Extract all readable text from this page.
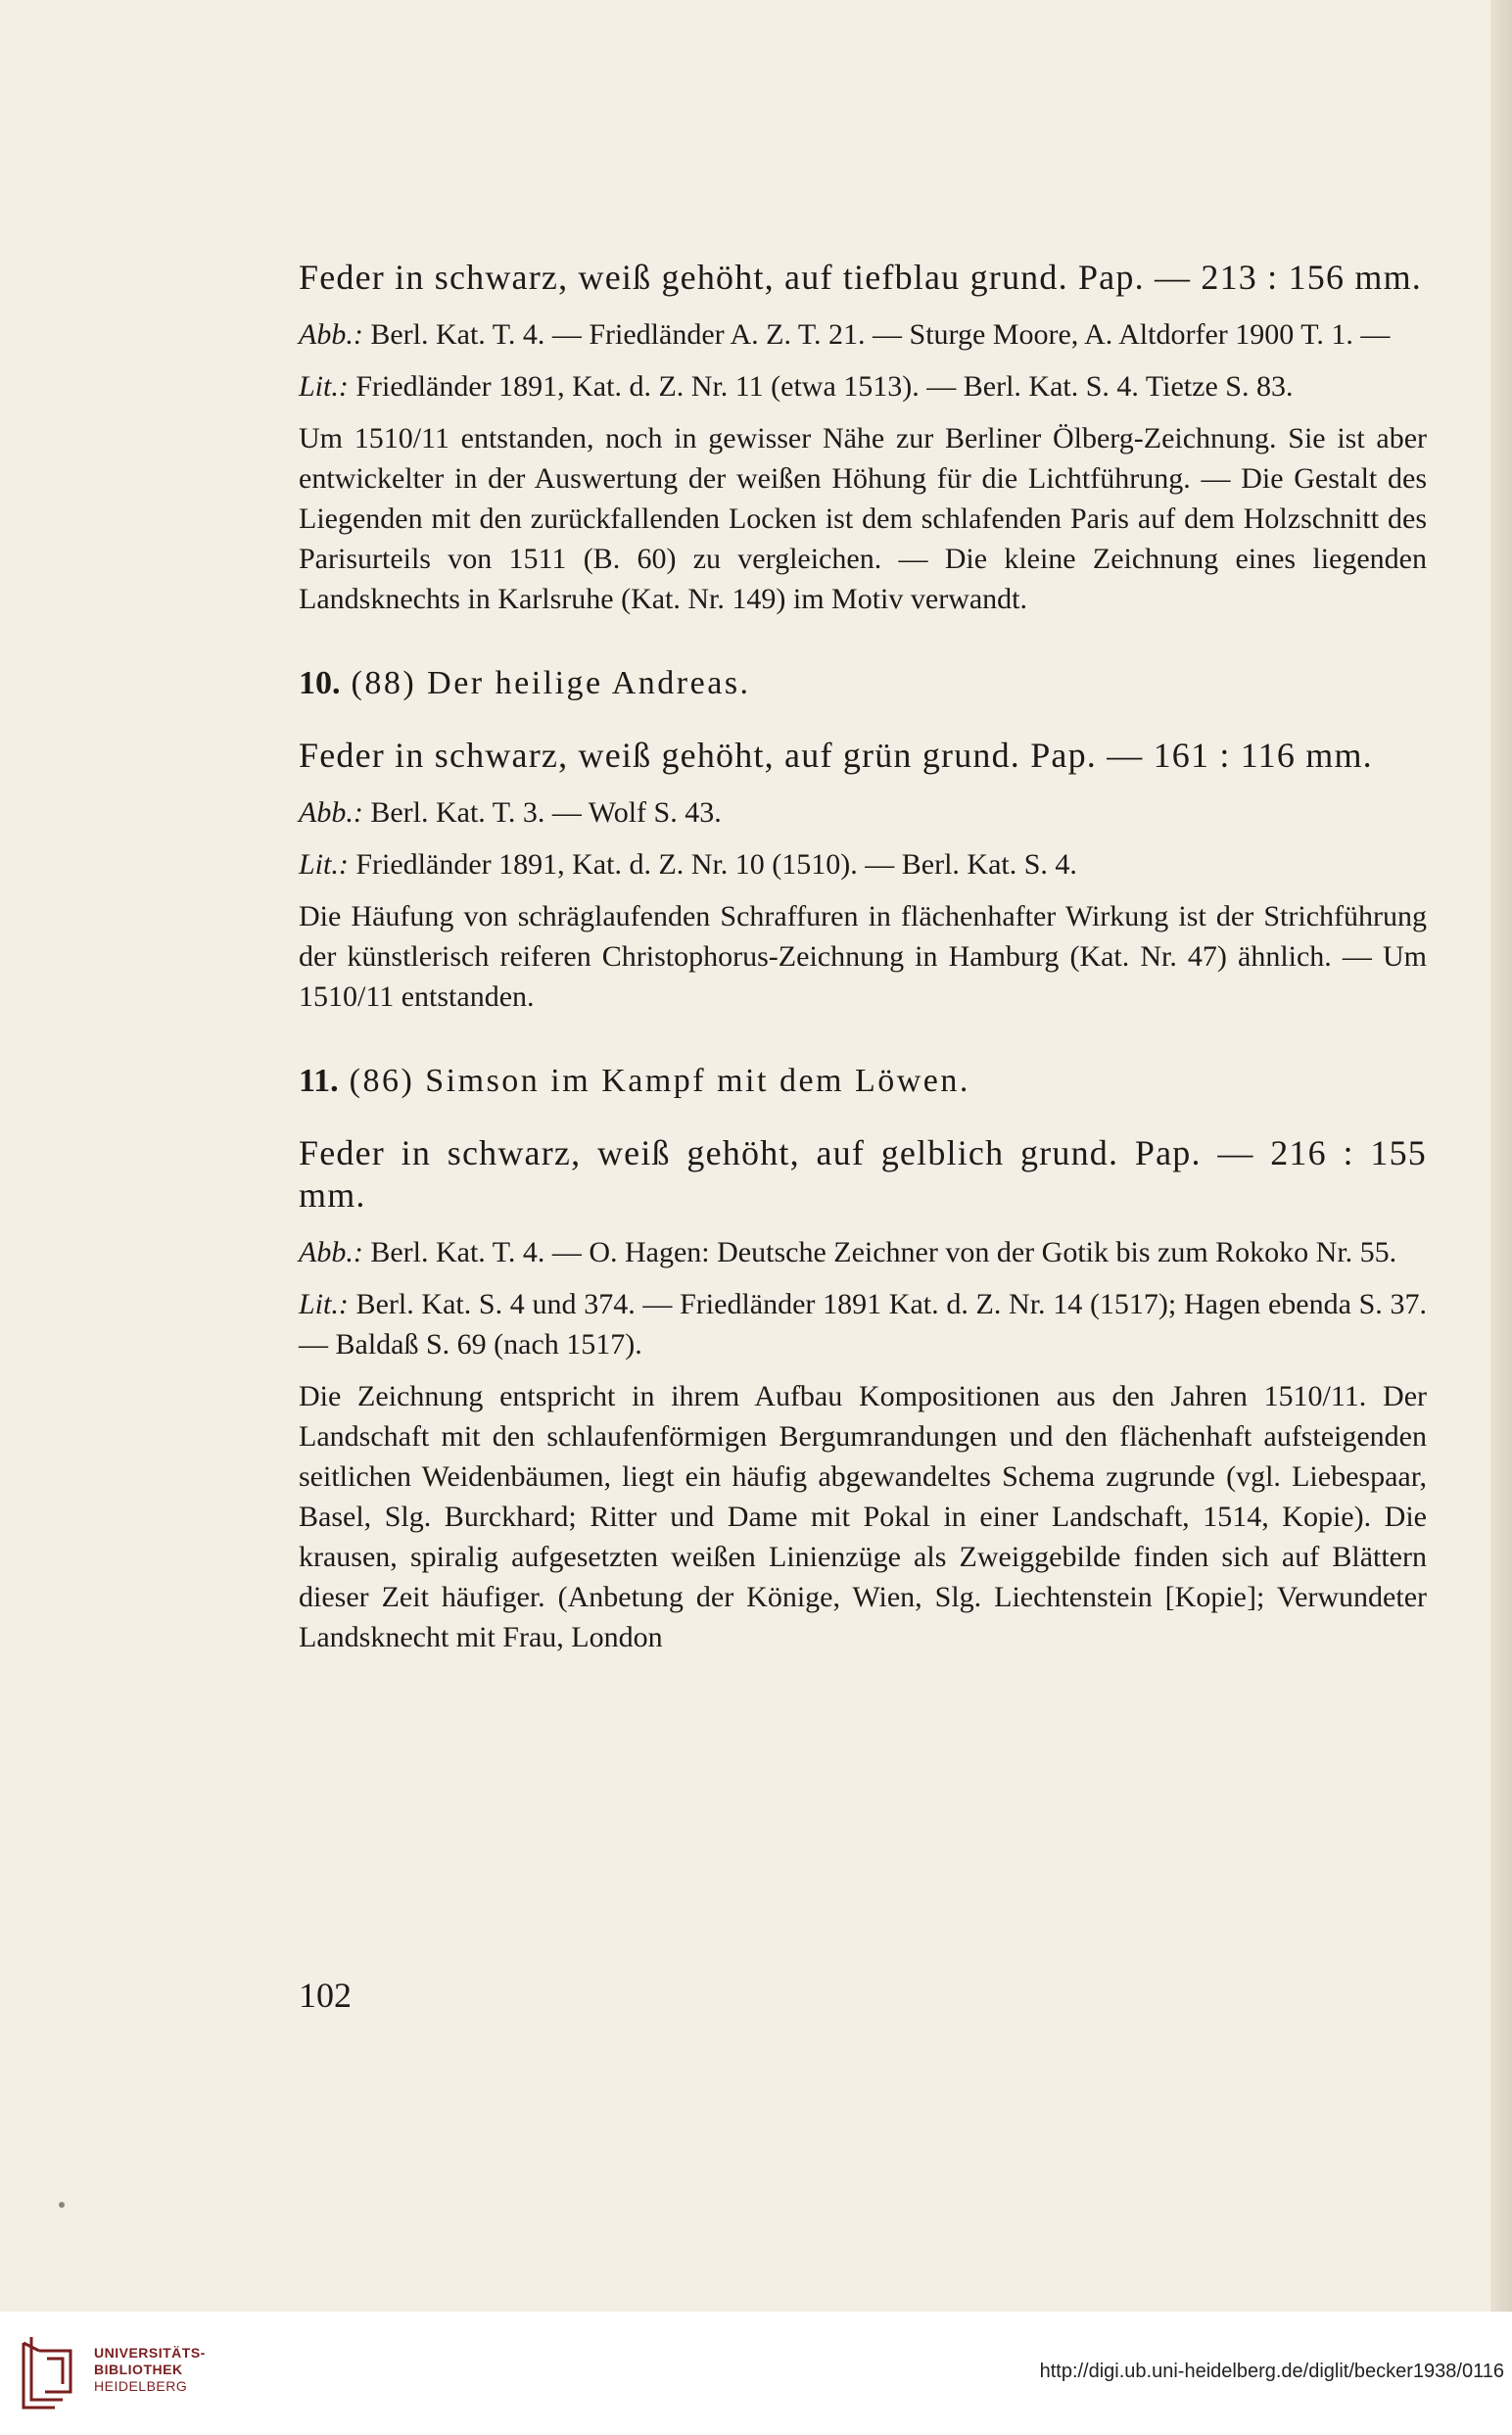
Feder in schwarz, weiß gehöht, auf tiefblau grund. Pap. — 213 : 156 mm.

Abb.: Berl. Kat. T. 4. — Friedländer A. Z. T. 21. — Sturge Moore, A. Altdorfer 1900 T. 1. —

Lit.: Friedländer 1891, Kat. d. Z. Nr. 11 (etwa 1513). — Berl. Kat. S. 4. Tietze S. 83.

Um 1510/11 entstanden, noch in gewisser Nähe zur Berliner Ölberg-Zeichnung. Sie ist aber entwickelter in der Auswertung der weißen Höhung für die Lichtführung. — Die Gestalt des Liegenden mit den zurückfallenden Locken ist dem schlafenden Paris auf dem Holzschnitt des Parisurteils von 1511 (B. 60) zu vergleichen. — Die kleine Zeichnung eines liegenden Landsknechts in Karlsruhe (Kat. Nr. 149) im Motiv verwandt.

10. (88) Der heilige Andreas.

Feder in schwarz, weiß gehöht, auf grün grund. Pap. — 161 : 116 mm.

Abb.: Berl. Kat. T. 3. — Wolf S. 43.

Lit.: Friedländer 1891, Kat. d. Z. Nr. 10 (1510). — Berl. Kat. S. 4.

Die Häufung von schräglaufenden Schraffuren in flächenhafter Wirkung ist der Strichführung der künstlerisch reiferen Christophorus-Zeichnung in Hamburg (Kat. Nr. 47) ähnlich. — Um 1510/11 entstanden.

11. (86) Simson im Kampf mit dem Löwen.

Feder in schwarz, weiß gehöht, auf gelblich grund. Pap. — 216 : 155 mm.

Abb.: Berl. Kat. T. 4. — O. Hagen: Deutsche Zeichner von der Gotik bis zum Rokoko Nr. 55.

Lit.: Berl. Kat. S. 4 und 374. — Friedländer 1891 Kat. d. Z. Nr. 14 (1517); Hagen ebenda S. 37. — Baldaß S. 69 (nach 1517).

Die Zeichnung entspricht in ihrem Aufbau Kompositionen aus den Jahren 1510/11. Der Landschaft mit den schlaufenförmigen Bergumrandungen und den flächenhaft aufsteigenden seitlichen Weidenbäumen, liegt ein häufig abgewandeltes Schema zugrunde (vgl. Liebespaar, Basel, Slg. Burckhard; Ritter und Dame mit Pokal in einer Landschaft, 1514, Kopie). Die krausen, spiralig aufgesetzten weißen Linienzüge als Zweiggebilde finden sich auf Blättern dieser Zeit häufiger. (Anbetung der Könige, Wien, Slg. Liechtenstein [Kopie]; Verwundeter Landsknecht mit Frau, London

102
UNIVERSITÄTS-
BIBLIOTHEK
HEIDELBERG
http://digi.ub.uni-heidelberg.de/diglit/becker1938/0116
